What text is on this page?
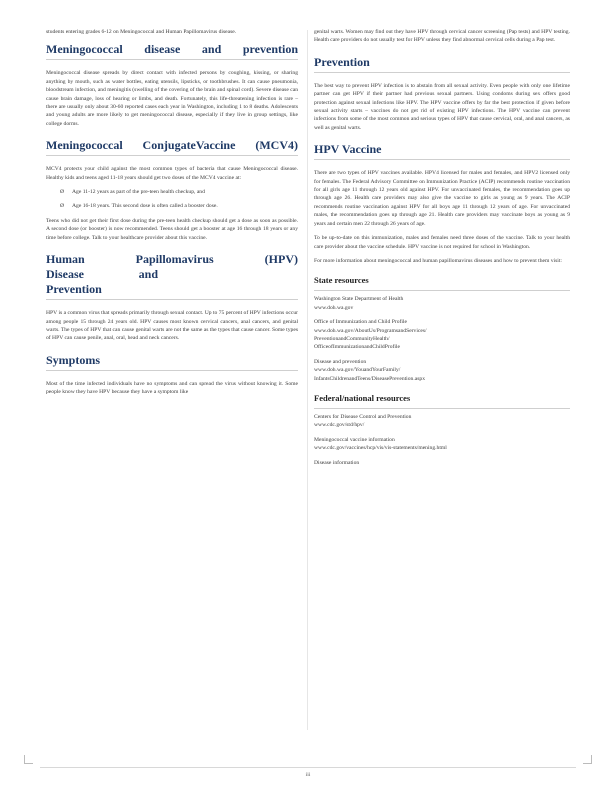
students entering grades 6-12 on Meningococcal and Human Papillomavirus disease.

Meningococcal disease and prevention

Meningococcal disease spreads by direct contact with infected persons by coughing, kissing, or sharing anything by mouth, such as water bottles, eating utensils, lipsticks, or toothbrushes. It can cause pneumonia, bloodstream infection, and meningitis (swelling of the covering of the brain and spinal cord). Severe disease can cause brain damage, loss of hearing or limbs, and death. Fortunately, this life-threatening infection is rare – there are usually only about 30-60 reported cases each year in Washington, including 1 to 8 deaths. Adolescents and young adults are more likely to get meningococcal disease, especially if they live in group settings, like college dorms.

Meningococcal ConjugateVaccine (MCV4)

MCV4 protects your child against the most common types of bacteria that cause Meningococcal disease. Healthy kids and teens aged 11-18 years should get two doses of the MCV4 vaccine at:

Ø	Age 11-12 years as part of the pre-teen health checkup, and
Ø	Age 16-18 years. This second dose is often called a booster dose.

Teens who did not get their first dose during the pre-teen health checkup should get a dose as soon as possible. A second dose (or booster) is now recommended. Teens should get a booster at age 16 through 18 years or any time before college. Talk to your healthcare provider about this vaccine.

Human Papillomavirus (HPV)
Disease and Prevention

HPV is a common virus that spreads primarily through sexual contact. Up to 75 percent of HPV infections occur among people 15 through 24 years old. HPV causes most known cervical cancers, anal cancers, and genital warts. The types of HPV that can cause genital warts are not the same as the types that cause cancer. Some types of HPV can cause penile, anal, oral, head and neck cancers.

Symptoms

Most of the time infected individuals have no symptoms and can spread the virus without knowing it. Some people know they have HPV because they have a symptom like

genital warts. Women may find out they have HPV through cervical cancer screening (Pap tests) and HPV testing. Health care providers do not usually test for HPV unless they find abnormal cervical cells during a Pap test.

Prevention

The best way to prevent HPV infection is to abstain from all sexual activity. Even people with only one lifetime partner can get HPV if their partner had previous sexual partners. Using condoms during sex offers good protection against sexual infections like HPV. The HPV vaccine offers by far the best protection if given before sexual activity starts – vaccines do not get rid of existing HPV infections. The HPV vaccine can prevent infections from some of the most common and serious types of HPV that cause cervical, oral, and anal cancers, as well as genital warts.

HPV Vaccine

There are two types of HPV vaccines available. HPV4 licensed for males and females, and HPV2 licensed only for females. The Federal Advisory Committee on Immunization Practice (ACIP) recommends routine vaccination for all girls age 11 through 12 years old against HPV. For unvaccinated females, the recommendation goes up through age 26. Health care providers may also give the vaccine to girls as young as 9 years. The ACIP recommends routine vaccination against HPV for all boys age 11 through 12 years of age. For unvaccinated males, the recommendation goes up through age 21. Health care providers may vaccinate boys as young as 9 years and certain men 22 through 26 years of age.

To be up-to-date on this immunization, males and females need three doses of the vaccine. Talk to your health care provider about the vaccine schedule. HPV vaccine is not required for school in Washington.

For more information about meningococcal and human papillomavirus diseases and how to prevent them visit:

State resources

Washington State Department of Health
www.doh.wa.gov

Office of Immunization and Child Profile
www.doh.wa.gov/AboutUs/ProgramsandServices/
PreventionandCommunityHealth/
OfficeofImmunizationandChildProfile

Disease and prevention
www.doh.wa.gov/YouandYourFamily/
InfantsChildrenandTeens/DiseasePrevention.aspx

Federal/national resources

Centers for Disease Control and Prevention
www.cdc.gov/std/hpv/

Meningococcal vaccine information
www.cdc.gov/vaccines/hcp/vis/vis-statements/mening.html

Disease information

iii
